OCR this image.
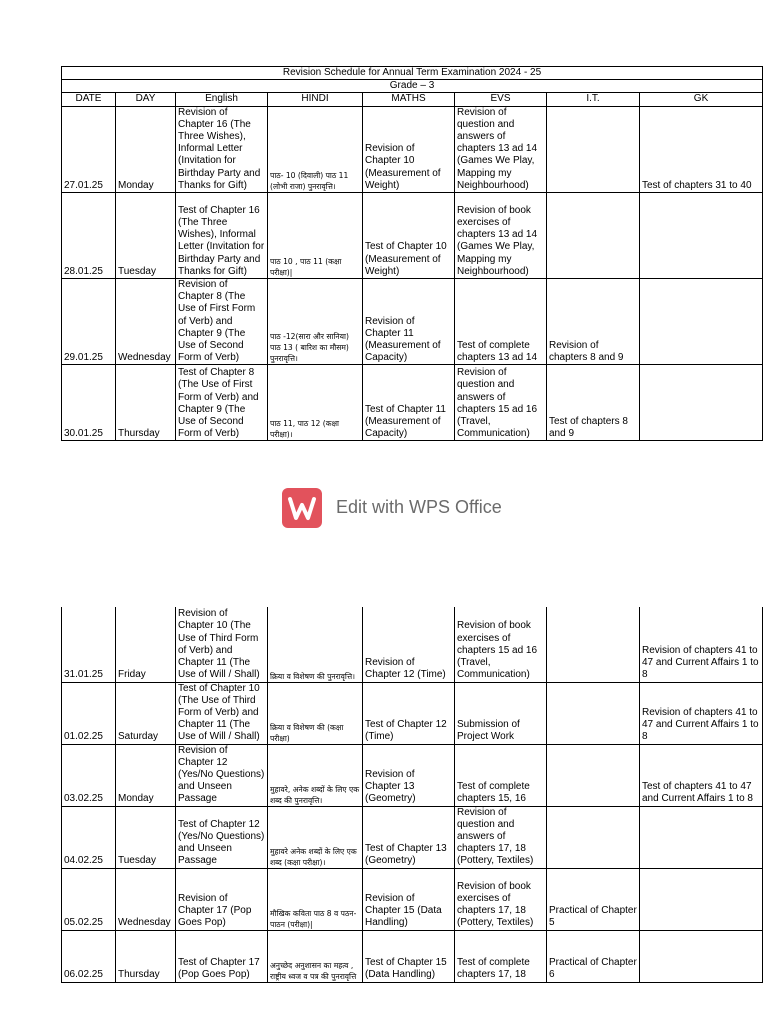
Revision Schedule for Annual Term Examination 2024 - 25							
Grade – 3							
DATE	DAY	English	HINDI	MATHS	EVS	I.T.	GK
27.01.25	Monday	Revision of Chapter 16 (The Three Wishes), Informal Letter (Invitation for Birthday Party and Thanks for Gift)	पाठ- 10 (दिवाली) पाठ 11 (लोभी राजा) पुनरावृत्ति।	Revision of Chapter 10 (Measurement of Weight)	Revision of question and answers of chapters 13 ad 14 (Games We Play, Mapping my Neighbourhood)		Test of chapters 31 to 40
28.01.25	Tuesday	Test of Chapter 16 (The Three Wishes), Informal Letter (Invitation for Birthday Party and Thanks for Gift)	पाठ 10 , पाठ 11 (कक्षा परीक्षा)|	Test of Chapter 10 (Measurement of Weight)	Revision of book exercises of chapters 13 ad 14 (Games We Play, Mapping my Neighbourhood)		
29.01.25	Wednesday	Revision of Chapter 8 (The Use of First Form of Verb) and Chapter 9 (The Use of Second Form of Verb)	पाठ -12(सारा और सानिया) पाठ 13 ( बारिश का मौसम) पुनरावृत्ति।	Revision of Chapter 11 (Measurement of Capacity)	Test of complete chapters 13 ad 14	Revision of chapters 8 and 9	
30.01.25	Thursday	Test of Chapter 8 (The Use of First Form of Verb) and Chapter 9 (The Use of Second Form of Verb)	पाठ 11, पाठ 12 (कक्षा परीक्षा)।	Test of Chapter 11 (Measurement of Capacity)	Revision of question and answers of chapters 15 ad 16 (Travel, Communication)	Test of chapters 8 and 9	
Edit with WPS Office
31.01.25	Friday	Revision of Chapter 10 (The Use of Third Form of Verb) and Chapter 11 (The Use of Will / Shall)	क्रिया व विशेषण की पुनरावृत्ति।	Revision of Chapter 12 (Time)	Revision of book exercises of chapters 15 ad 16 (Travel, Communication)		Revision of chapters 41 to 47 and Current Affairs 1 to 8
01.02.25	Saturday	Test of Chapter 10 (The Use of Third Form of Verb) and Chapter 11 (The Use of Will / Shall)	क्रिया व विशेषण की (कक्षा परीक्षा)	Test of Chapter 12 (Time)	Submission of Project Work		Revision of chapters 41 to 47 and Current Affairs 1 to 8
03.02.25	Monday	Revision of Chapter 12 (Yes/No Questions) and Unseen Passage	मुहावरे, अनेक शब्दों के लिए एक शब्द की पुनरावृत्ति।	Revision of Chapter 13 (Geometry)	Test of complete chapters 15, 16		Test of chapters 41 to 47 and Current Affairs 1 to 8
04.02.25	Tuesday	Test of Chapter 12 (Yes/No Questions) and Unseen Passage	मुहावरे अनेक शब्दों के लिए एक शब्द (कक्षा परीक्षा)।	Test of Chapter 13 (Geometry)	Revision of question and answers of chapters 17, 18 (Pottery, Textiles)		
05.02.25	Wednesday	Revision of Chapter 17 (Pop Goes Pop)	मौखिक कविता पाठ 8 व पठन-पाठन (परीक्षा)|	Revision of Chapter 15 (Data Handling)	Revision of book exercises of chapters 17, 18 (Pottery, Textiles)	Practical of Chapter 5	
06.02.25	Thursday	Test of Chapter 17 (Pop Goes Pop)	अनुच्छेद अनुशासन का महत्व , राष्ट्रीय ध्वज व पत्र की पुनरावृत्ति	Test of Chapter 15 (Data Handling)	Test of complete chapters 17, 18	Practical of Chapter 6	
